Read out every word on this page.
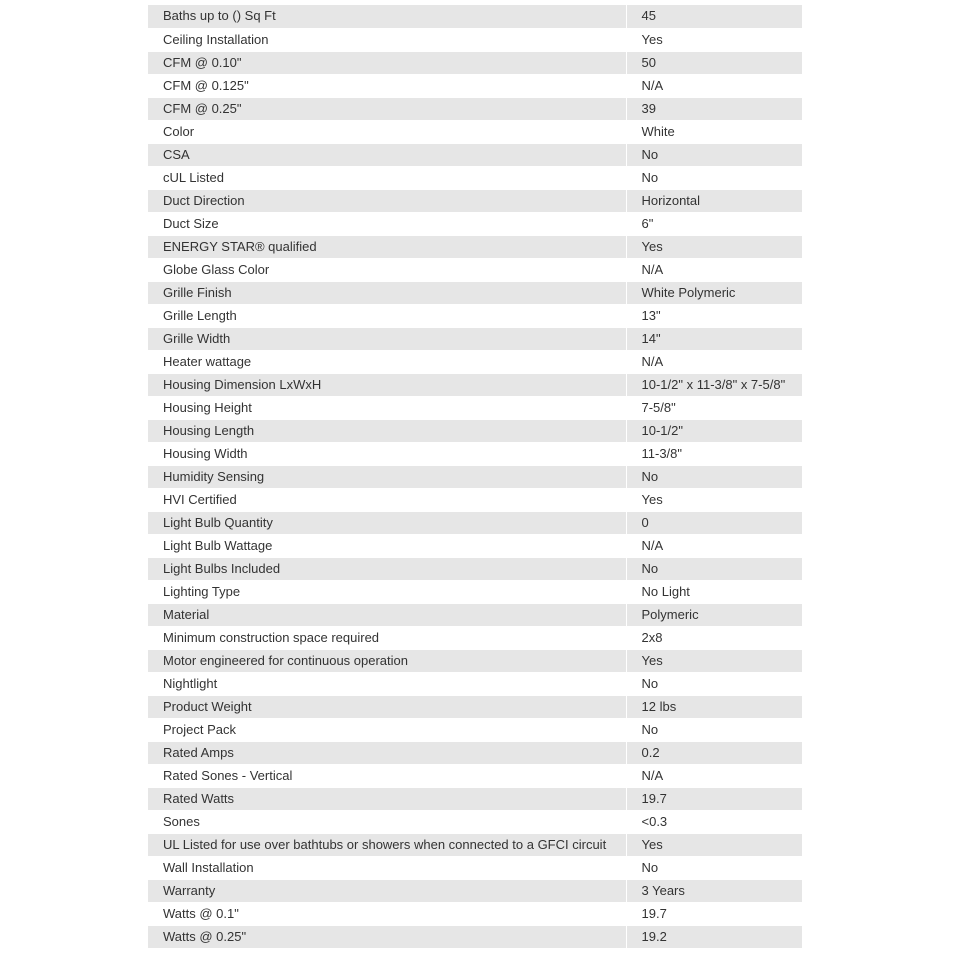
Baths up to () Sq Ft	45
Ceiling Installation	Yes
CFM @ 0.10"	50
CFM @ 0.125"	N/A
CFM @ 0.25"	39
Color	White
CSA	No
cUL Listed	No
Duct Direction	Horizontal
Duct Size	6"
ENERGY STAR® qualified	Yes
Globe Glass Color	N/A
Grille Finish	White Polymeric
Grille Length	13"
Grille Width	14"
Heater wattage	N/A
Housing Dimension LxWxH	10-1/2" x 11-3/8" x 7-5/8"
Housing Height	7-5/8"
Housing Length	10-1/2"
Housing Width	11-3/8"
Humidity Sensing	No
HVI Certified	Yes
Light Bulb Quantity	0
Light Bulb Wattage	N/A
Light Bulbs Included	No
Lighting Type	No Light
Material	Polymeric
Minimum construction space required	2x8
Motor engineered for continuous operation	Yes
Nightlight	No
Product Weight	12 lbs
Project Pack	No
Rated Amps	0.2
Rated Sones - Vertical	N/A
Rated Watts	19.7
Sones	<0.3
UL Listed for use over bathtubs or showers when connected to a GFCI circuit	Yes
Wall Installation	No
Warranty	3 Years
Watts @ 0.1"	19.7
Watts @ 0.25"	19.2
